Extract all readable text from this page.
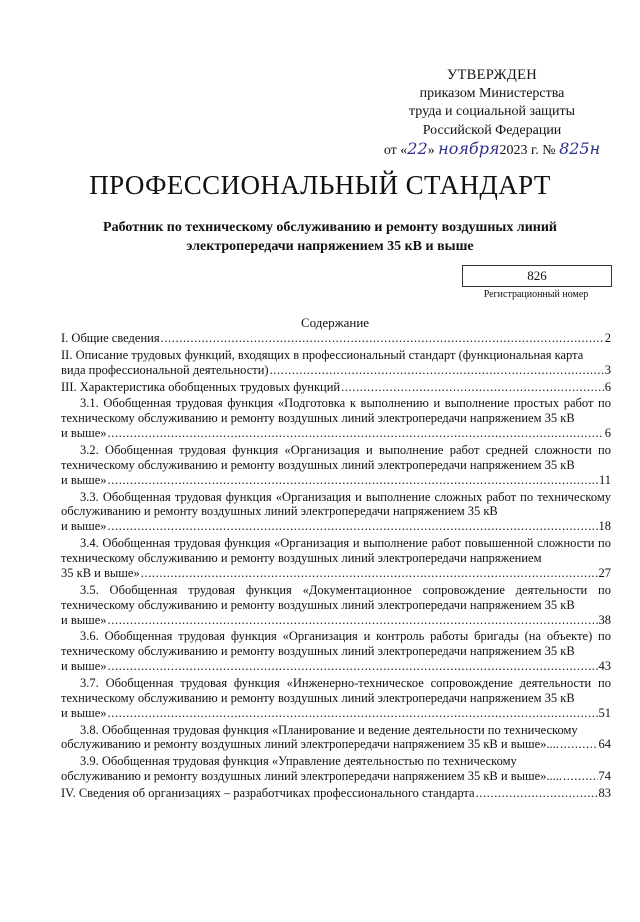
УТВЕРЖДЕН
приказом Министерства
труда и социальной защиты
Российской Федерации
от «22» ноября2023 г. № 825н
ПРОФЕССИОНАЛЬНЫЙ СТАНДАРТ
Работник по техническому обслуживанию и ремонту воздушных линий
электропередачи напряжением 35 кВ и выше
826
Регистрационный номер
Содержание
I. Общие сведения .....	2
II. Описание трудовых функций, входящих в профессиональный стандарт (функциональная карта
вида профессиональной деятельности) .....	3
III. Характеристика обобщенных трудовых функций .....	6
3.1. Обобщенная трудовая функция «Подготовка к выполнению и выполнение простых работ по техническому обслуживанию и ремонту воздушных линий электропередачи напряжением 35 кВ
и выше» .....	6
3.2. Обобщенная трудовая функция «Организация и выполнение работ средней сложности по техническому обслуживанию и ремонту воздушных линий электропередачи напряжением 35 кВ
и выше» .....	11
3.3. Обобщенная трудовая функция «Организация и выполнение сложных работ по техническому обслуживанию и ремонту воздушных линий электропередачи напряжением 35 кВ
и выше» .....	18
3.4. Обобщенная трудовая функция «Организация и выполнение работ повышенной сложности по техническому обслуживанию и ремонту воздушных линий электропередачи напряжением
35 кВ и выше» .....	27
3.5. Обобщенная трудовая функция «Документационное сопровождение деятельности по техническому обслуживанию и ремонту воздушных линий электропередачи напряжением 35 кВ
и выше» .....	38
3.6. Обобщенная трудовая функция «Организация и контроль работы бригады (на объекте) по техническому обслуживанию и ремонту воздушных линий электропередачи напряжением 35 кВ
и выше» .....	43
3.7. Обобщенная трудовая функция «Инженерно-техническое сопровождение деятельности по техническому обслуживанию и ремонту воздушных линий электропередачи напряжением 35 кВ
и выше» .....	51
3.8. Обобщенная трудовая функция «Планирование и ведение деятельности по техническому
обслуживанию и ремонту воздушных линий электропередачи напряжением 35 кВ и выше».... .....	64
3.9. Обобщенная трудовая функция «Управление деятельностью по техническому
обслуживанию и ремонту воздушных линий электропередачи напряжением 35 кВ и выше»..... .....	74
IV. Сведения об организациях – разработчиках профессионального стандарта .....	83
